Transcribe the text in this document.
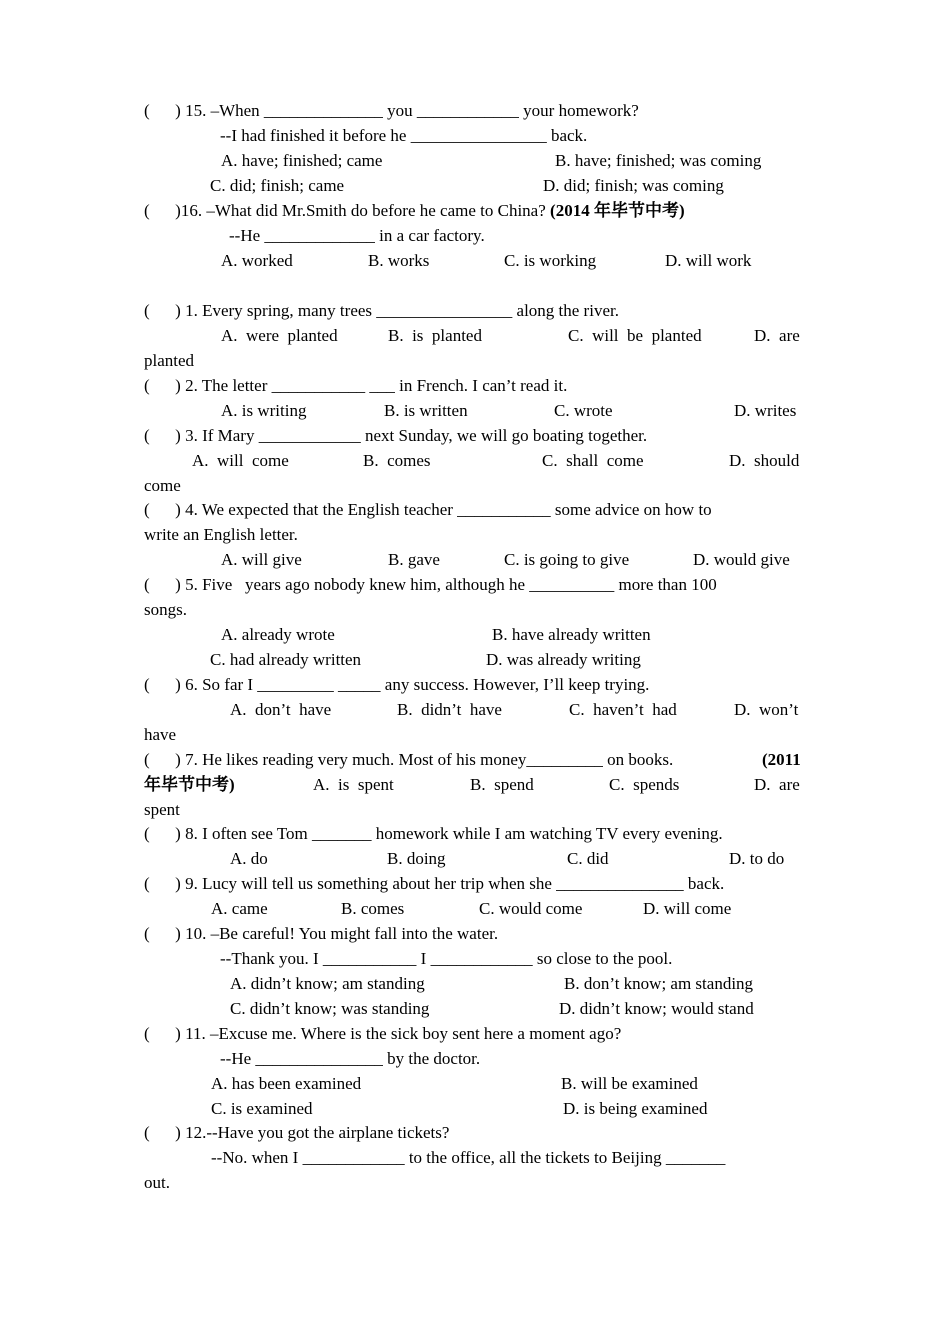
(      ) 15. –When ______________ you ____________ your homework?
--I had finished it before he ________________ back.
A. have; finished; came	B. have; finished; was coming
C. did; finish; came	D. did; finish; was coming
(      )16. –What did Mr.Smith do before he came to China? (2014 年毕节中考)
--He _____________ in a car factory.
A. worked	B. works	C. is working	D. will work
(      ) 1. Every spring, many trees ________________ along the river.
A.  were  planted	B.  is  planted	C.  will  be  planted	D.  are
planted
(      ) 2. The letter ___________ ___ in French. I can’t read it.
A. is writing	B. is written	C. wrote	D. writes
(      ) 3. If Mary ____________ next Sunday, we will go boating together.
A.  will  come	B.  comes	C.  shall  come	D.  should
come
(      ) 4. We expected that the English teacher ___________ some advice on how to
write an English letter.
A. will give	B. gave	C. is going to give	D. would give
(      ) 5. Five   years ago nobody knew him, although he __________ more than 100
songs.
A. already wrote	B. have already written
C. had already written	D. was already writing
(      ) 6. So far I _________ _____ any success. However, I’ll keep trying.
A.  don’t  have	B.  didn’t  have	C.  haven’t  had	D.  won’t
have
(      ) 7. He likes reading very much. Most of his money_________ on books.	(2011
年毕节中考)	A.  is  spent	B.  spend	C.  spends	D.  are
spent
(      ) 8. I often see Tom _______ homework while I am watching TV every evening.
A. do	B. doing	C. did	D. to do
(      ) 9. Lucy will tell us something about her trip when she _______________ back.
A. came	B. comes	C. would come	D. will come
(      ) 10. –Be careful! You might fall into the water.
--Thank you. I ___________ I ____________ so close to the pool.
A. didn’t know; am standing	B. don’t know; am standing
C. didn’t know; was standing	D. didn’t know; would stand
(      ) 11. –Excuse me. Where is the sick boy sent here a moment ago?
--He _______________ by the doctor.
A. has been examined	B. will be examined
C. is examined	D. is being examined
(      ) 12.--Have you got the airplane tickets?
--No. when I ____________ to the office, all the tickets to Beijing _______
out.
